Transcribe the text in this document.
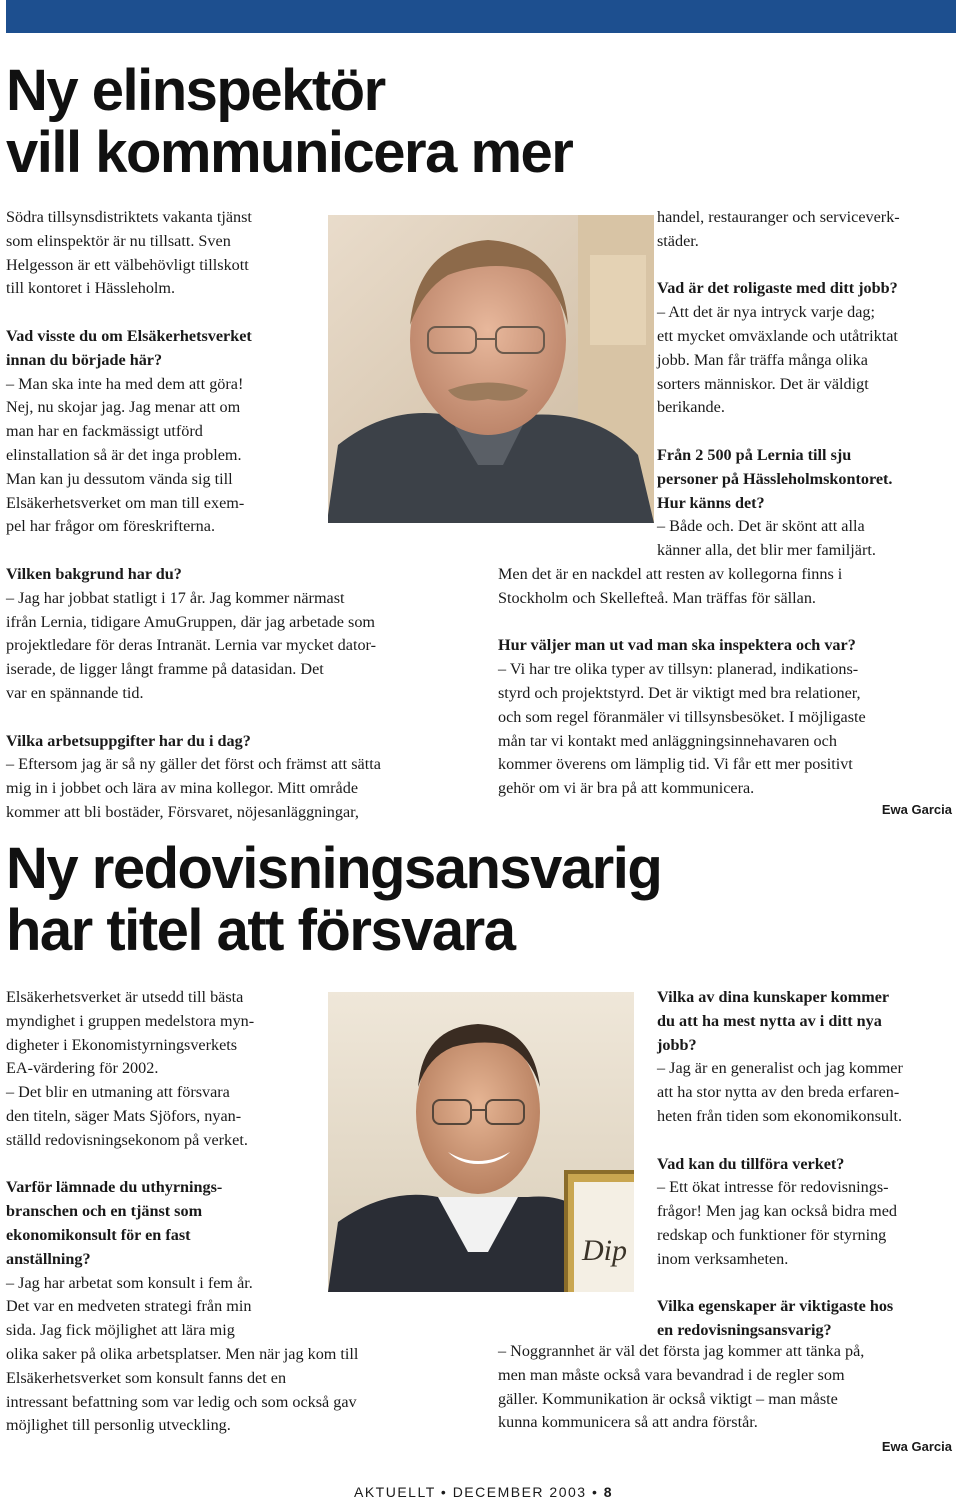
Ny elinspektör
vill kommunicera mer

Södra tillsynsdistriktets vakanta tjänst

som elinspektör är nu tillsatt. Sven

Helgesson är ett välbehövligt tillskott

till kontoret i Hässleholm.

Vad visste du om Elsäkerhetsverket

innan du började här?

– Man ska inte ha med dem att göra!

Nej, nu skojar jag. Jag menar att om

man har en fackmässigt utförd

elinstallation så är det inga problem.

Man kan ju dessutom vända sig till

Elsäkerhetsverket om man till exem-

pel har frågor om föreskrifterna.

Vilken bakgrund har du?

– Jag har jobbat statligt i 17 år. Jag kommer närmast

ifrån Lernia, tidigare AmuGruppen, där jag arbetade som

projektledare för deras Intranät. Lernia var mycket dator-

iserade, de ligger långt framme på datasidan. Det

var en spännande tid.

Vilka arbetsuppgifter har du i dag?

– Eftersom jag är så ny gäller det först och främst att sätta

mig in i jobbet och lära av mina kollegor. Mitt område

kommer att bli bostäder, Försvaret, nöjesanläggningar,

handel, restauranger och serviceverk-

städer.

Vad är det roligaste med ditt jobb?

– Att det är nya intryck varje dag;

ett mycket omväxlande och utåtriktat

jobb. Man får träffa många olika

sorters människor. Det är väldigt

berikande.

Från 2 500 på Lernia till sju

personer på Hässleholmskontoret.

Hur känns det?

– Både och. Det är skönt att alla

känner alla, det blir mer familjärt.

Men det är en nackdel att resten av kollegorna finns i

Stockholm och Skellefteå. Man träffas för sällan.

Hur väljer man ut vad man ska inspektera och var?

– Vi har tre olika typer av tillsyn: planerad, indikations-

styrd och projektstyrd. Det är viktigt med bra relationer,

och som regel föranmäler vi tillsynsbesöket. I möjligaste

mån tar vi kontakt med anläggningsinnehavaren och

kommer överens om lämplig tid. Vi får ett mer positivt

gehör om vi är bra på att kommunicera.

Ewa Garcia
Ny redovisningsansvarig
har titel att försvara
Dip

Elsäkerhetsverket är utsedd till bästa

myndighet i gruppen medelstora myn-

digheter i Ekonomistyrningsverkets

EA-värdering för 2002.

– Det blir en utmaning att försvara

den titeln, säger Mats Sjöfors, nyan-

ställd redovisningsekonom på verket.

Varför lämnade du uthyrnings-

branschen och en tjänst som

ekonomikonsult för en fast

anställning?

– Jag har arbetat som konsult i fem år.

Det var en medveten strategi från min

sida. Jag fick möjlighet att lära mig

olika saker på olika arbetsplatser. Men när jag kom till

Elsäkerhetsverket som konsult fanns det en

intressant befattning som var ledig och som också gav

möjlighet till personlig utveckling.

Vilka av dina kunskaper kommer

du att ha mest nytta av i ditt nya

jobb?

– Jag är en generalist och jag kommer

att ha stor nytta av den breda erfaren-

heten från tiden som ekonomikonsult.

Vad kan du tillföra verket?

– Ett ökat intresse för redovisnings-

frågor! Men jag kan också bidra med

redskap och funktioner för styrning

inom verksamheten.

Vilka egenskaper är viktigaste hos

en redovisningsansvarig?

– Noggrannhet är väl det första jag kommer att tänka på,

men man måste också vara bevandrad i de regler som

gäller. Kommunikation är också viktigt – man måste

kunna kommunicera så att andra förstår.

Ewa Garcia
AKTUELLT • DECEMBER 2003 • 8
